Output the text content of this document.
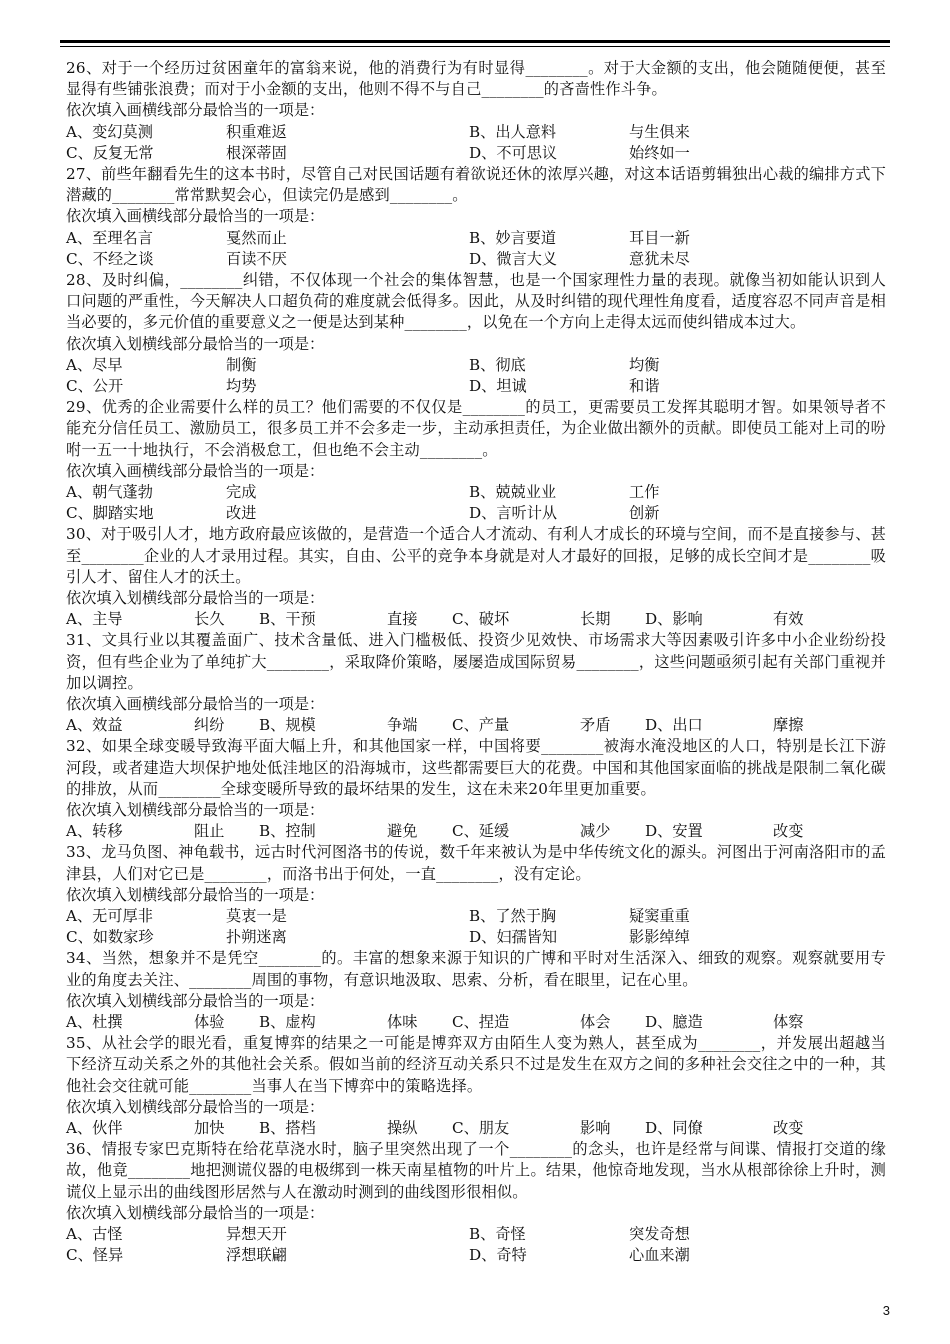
26、对于一个经历过贫困童年的富翁来说，他的消费行为有时显得________。对于大金额的支出，他会随随便便，甚至显得有些铺张浪费；而对于小金额的支出，他则不得不与自己________的吝啬性作斗争。

依次填入画横线部分最恰当的一项是：

A、变幻莫测	积重难返	B、出人意料	与生俱来
C、反复无常	根深蒂固	D、不可思议	始终如一

27、前些年翻看先生的这本书时，尽管自己对民国话题有着欲说还休的浓厚兴趣，对这本话语剪辑独出心裁的编排方式下潜藏的________常常默契会心，但读完仍是感到________。

依次填入画横线部分最恰当的一项是：

A、至理名言	戛然而止	B、妙言要道	耳目一新
C、不经之谈	百读不厌	D、微言大义	意犹未尽

28、及时纠偏，________纠错，不仅体现一个社会的集体智慧，也是一个国家理性力量的表现。就像当初如能认识到人口问题的严重性，今天解决人口超负荷的难度就会低得多。因此，从及时纠错的现代理性角度看，适度容忍不同声音是相当必要的，多元价值的重要意义之一便是达到某种________，以免在一个方向上走得太远而使纠错成本过大。

依次填入划横线部分最恰当的一项是：

A、尽早	制衡	B、彻底	均衡
C、公开	均势	D、坦诚	和谐

29、优秀的企业需要什么样的员工？他们需要的不仅仅是________的员工，更需要员工发挥其聪明才智。如果领导者不能充分信任员工、激励员工，很多员工并不会多走一步，主动承担责任，为企业做出额外的贡献。即使员工能对上司的吩咐一五一十地执行，不会消极怠工，但也绝不会主动________。

依次填入画横线部分最恰当的一项是：

A、朝气蓬勃	完成	B、兢兢业业	工作
C、脚踏实地	改进	D、言听计从	创新

30、对于吸引人才，地方政府最应该做的，是营造一个适合人才流动、有利人才成长的环境与空间，而不是直接参与、甚至________企业的人才录用过程。其实，自由、公平的竞争本身就是对人才最好的回报，足够的成长空间才是________吸引人才、留住人才的沃土。

依次填入划横线部分最恰当的一项是：

A、主导	长久 B、干预	直接 C、破坏	长期 D、影响	有效

31、文具行业以其覆盖面广、技术含量低、进入门槛极低、投资少见效快、市场需求大等因素吸引许多中小企业纷纷投资，但有些企业为了单纯扩大________，采取降价策略，屡屡造成国际贸易________，这些问题亟须引起有关部门重视并加以调控。

依次填入画横线部分最恰当的一项是：

A、效益	纠纷 B、规模	争端 C、产量	矛盾 D、出口	摩擦

32、如果全球变暖导致海平面大幅上升，和其他国家一样，中国将要________被海水淹没地区的人口，特别是长江下游河段，或者建造大坝保护地处低洼地区的沿海城市，这些都需要巨大的花费。中国和其他国家面临的挑战是限制二氧化碳的排放，从而________全球变暖所导致的最坏结果的发生，这在未来20年里更加重要。

依次填入划横线部分最恰当的一项是：

A、转移	阻止 B、控制	避免 C、延缓	减少 D、安置	改变

33、龙马负图、神龟载书，远古时代河图洛书的传说，数千年来被认为是中华传统文化的源头。河图出于河南洛阳市的孟津县，人们对它已是________，而洛书出于何处，一直________，没有定论。

依次填入划横线部分最恰当的一项是：

A、无可厚非	莫衷一是	B、了然于胸	疑窦重重
C、如数家珍	扑朔迷离	D、妇孺皆知	影影绰绰

34、当然，想象并不是凭空________的。丰富的想象来源于知识的广博和平时对生活深入、细致的观察。观察就要用专业的角度去关注、________周围的事物，有意识地汲取、思索、分析，看在眼里，记在心里。

依次填入划横线部分最恰当的一项是：

A、杜撰	体验 B、虚构	体味 C、捏造	体会 D、臆造	体察

35、从社会学的眼光看，重复博弈的结果之一可能是博弈双方由陌生人变为熟人，甚至成为________，并发展出超越当下经济互动关系之外的其他社会关系。假如当前的经济互动关系只不过是发生在双方之间的多种社会交往之中的一种，其他社会交往就可能________当事人在当下博弈中的策略选择。

依次填入划横线部分最恰当的一项是：

A、伙伴	加快 B、搭档	操纵 C、朋友	影响 D、同僚	改变

36、情报专家巴克斯特在给花草浇水时，脑子里突然出现了一个________的念头，也许是经常与间谍、情报打交道的缘故，他竟________地把测谎仪器的电极绑到一株天南星植物的叶片上。结果，他惊奇地发现，当水从根部徐徐上升时，测谎仪上显示出的曲线图形居然与人在激动时测到的曲线图形很相似。

依次填入划横线部分最恰当的一项是：

A、古怪	异想天开	B、奇怪	突发奇想
C、怪异	浮想联翩	D、奇特	心血来潮
3
